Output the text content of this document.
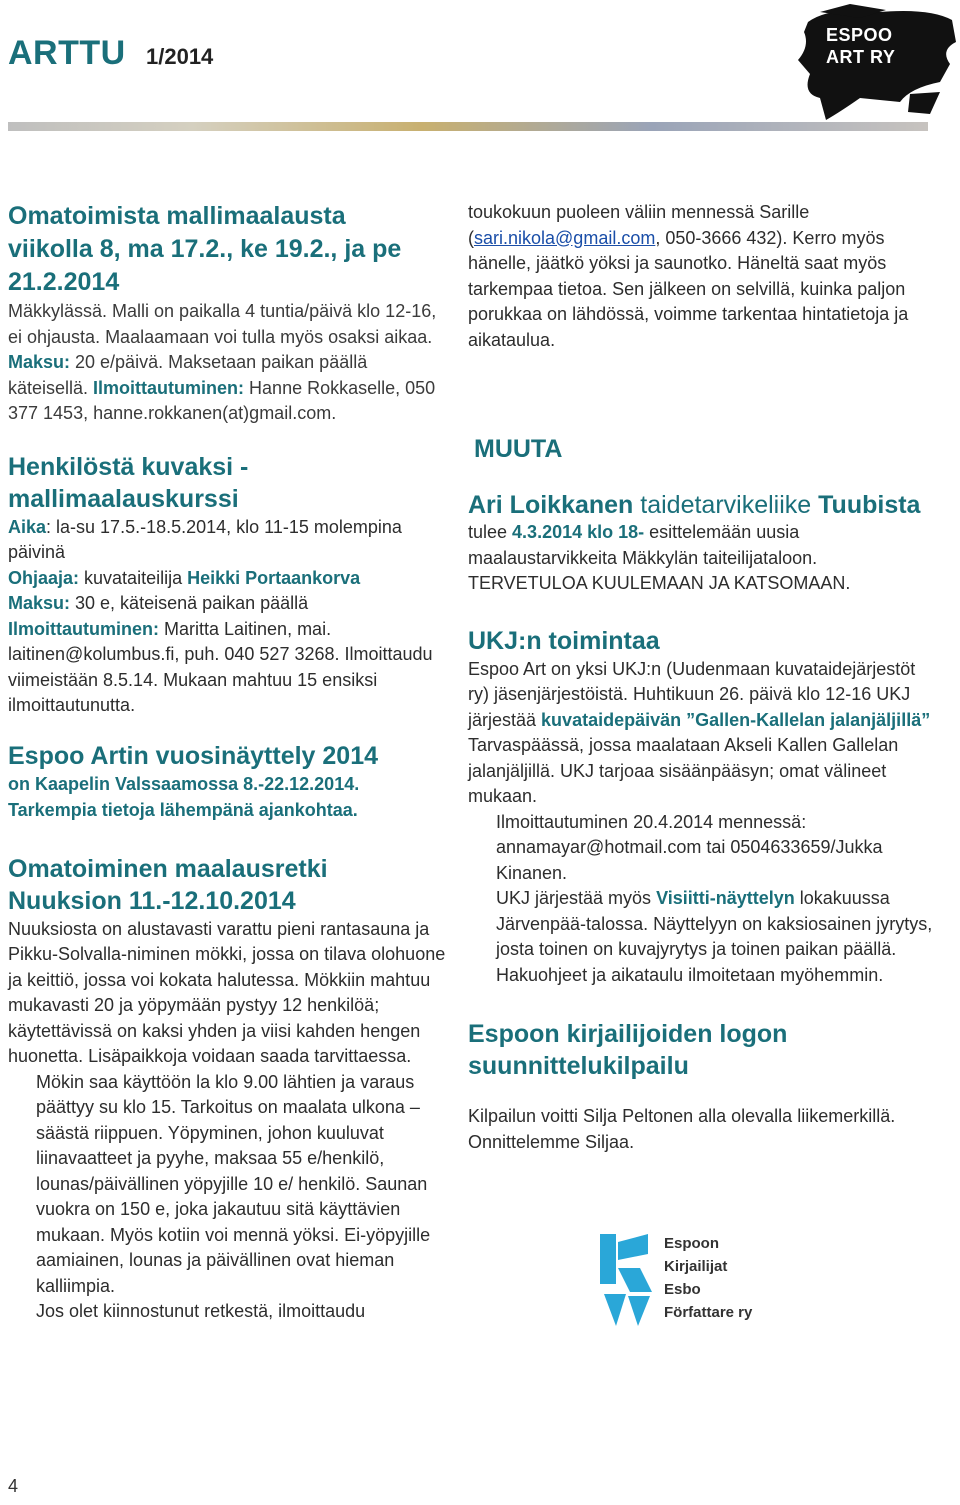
ARTTU 1/2014
ESPOO
ART RY
Omatoimista mallimaalausta viikolla 8, ma 17.2., ke 19.2., ja pe 21.2.2014

Mäkkylässä. Malli on paikalla 4 tuntia/päivä klo 12-16, ei ohjausta. Maalaamaan voi tulla myös osaksi aikaa.
Maksu: 20 e/päivä. Maksetaan paikan päällä käteisellä. Ilmoittautuminen: Hanne Rokkaselle, 050 377 1453, hanne.rokkanen(at)gmail.com.

Henkilöstä kuvaksi - mallimaalauskurssi

Aika: la-su 17.5.-18.5.2014, klo 11-15 molempina päivinä
Ohjaaja: kuvataiteilija Heikki Portaankorva
Maksu: 30 e, käteisenä paikan päällä
Ilmoittautuminen: Maritta Laitinen, mai. laitinen@kolumbus.fi, puh. 040 527 3268. Ilmoittaudu viimeistään 8.5.14. Mukaan mahtuu 15 ensiksi ilmoittautunutta.

Espoo Artin vuosinäyttely 2014
on Kaapelin Valssaamossa 8.-22.12.2014.
Tarkempia tietoja lähempänä ajankohtaa.
Omatoiminen maalausretki Nuuksion 11.-12.10.2014

Nuuksiosta on alustavasti varattu pieni rantasauna ja Pikku-Solvalla-niminen mökki, jossa on tilava olohuone ja keittiö, jossa voi kokata halutessa. Mökkiin mahtuu mukavasti 20 ja yöpymään pystyy 12 henkilöä; käytettävissä on kaksi yhden ja viisi kahden hengen huonetta. Lisäpaikkoja voidaan saada tarvittaessa.

Mökin saa käyttöön la klo 9.00 lähtien ja varaus päättyy su klo 15. Tarkoitus on maalata ulkona – säästä riippuen. Yöpyminen, johon kuuluvat liinavaatteet ja pyyhe, maksaa 55 e/henkilö, lounas/päivällinen yöpyjille 10 e/ henkilö. Saunan vuokra on 150 e, joka jakautuu sitä käyttävien mukaan. Myös kotiin voi mennä yöksi. Ei-yöpyjille aamiainen, lounas ja päivällinen ovat hieman kalliimpia.

Jos olet kiinnostunut retkestä, ilmoittaudu

toukokuun puoleen väliin mennessä Sarille (sari.nikola@gmail.com, 050-3666 432). Kerro myös hänelle, jäätkö yöksi ja saunotko. Häneltä saat myös tarkempaa tietoa. Sen jälkeen on selvillä, kuinka paljon porukkaa on lähdössä, voimme tarkentaa hintatietoja ja aikataulua.

MUUTA
Ari Loikkanen taidetarvikeliike Tuubista

tulee 4.3.2014 klo 18- esittelemään uusia maalaustarvikkeita Mäkkylän taiteilijataloon.
TERVETULOA KUULEMAAN JA KATSOMAAN.

UKJ:n toimintaa

Espoo Art on yksi UKJ:n (Uudenmaan kuvataidejärjestöt ry) jäsenjärjestöistä. Huhtikuun 26. päivä klo 12-16 UKJ järjestää kuvataidepäivän ”Gallen-Kallelan jalanjäljillä” Tarvaspäässä, jossa maalataan Akseli Kallen Gallelan jalanjäljillä. UKJ tarjoaa sisäänpääsyn; omat välineet mukaan.

Ilmoittautuminen 20.4.2014 mennessä: annamayar@hotmail.com tai 0504633659/Jukka Kinanen.

UKJ järjestää myös Visiitti-näyttelyn lokakuussa Järvenpää-talossa. Näyttelyyn on kaksiosainen jyrytys, josta toinen on kuvajyrytys ja toinen paikan päällä. Hakuohjeet ja aikataulu ilmoitetaan myöhemmin.

Espoon kirjailijoiden logon suunnittelukilpailu

Kilpailun voitti Silja Peltonen alla olevalla liikemerkillä. Onnittelemme Siljaa.

Espoon
Kirjailijat
Esbo
Författare ry
4
